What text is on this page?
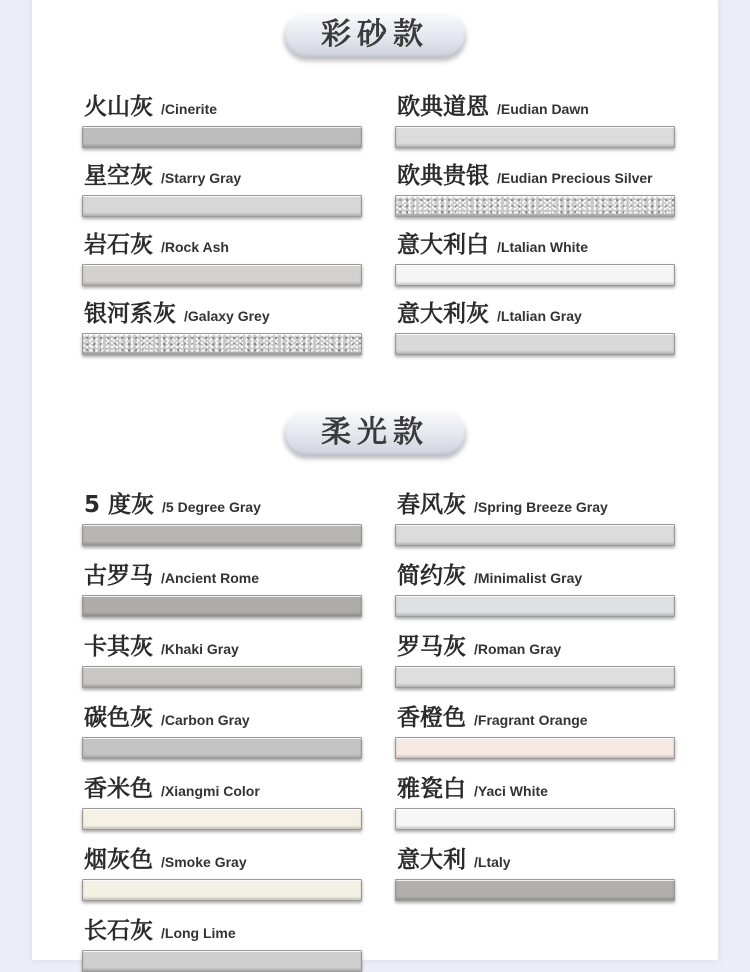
彩砂款
火山灰 /Cinerite	欧典道恩 /Eudian Dawn
星空灰 /Starry Gray	欧典贵银 /Eudian Precious Silver
岩石灰 /Rock Ash	意大利白 /Ltalian White
银河系灰 /Galaxy Grey	意大利灰 /Ltalian Gray
柔光款
5 度灰 /5 Degree Gray	春风灰 /Spring Breeze Gray
古罗马 /Ancient Rome	简约灰 /Minimalist Gray
卡其灰 /Khaki Gray	罗马灰 /Roman Gray
碳色灰 /Carbon Gray	香橙色 /Fragrant Orange
香米色 /Xiangmi Color	雅瓷白 /Yaci White
烟灰色 /Smoke Gray	意大利 /Ltaly
长石灰 /Long Lime
